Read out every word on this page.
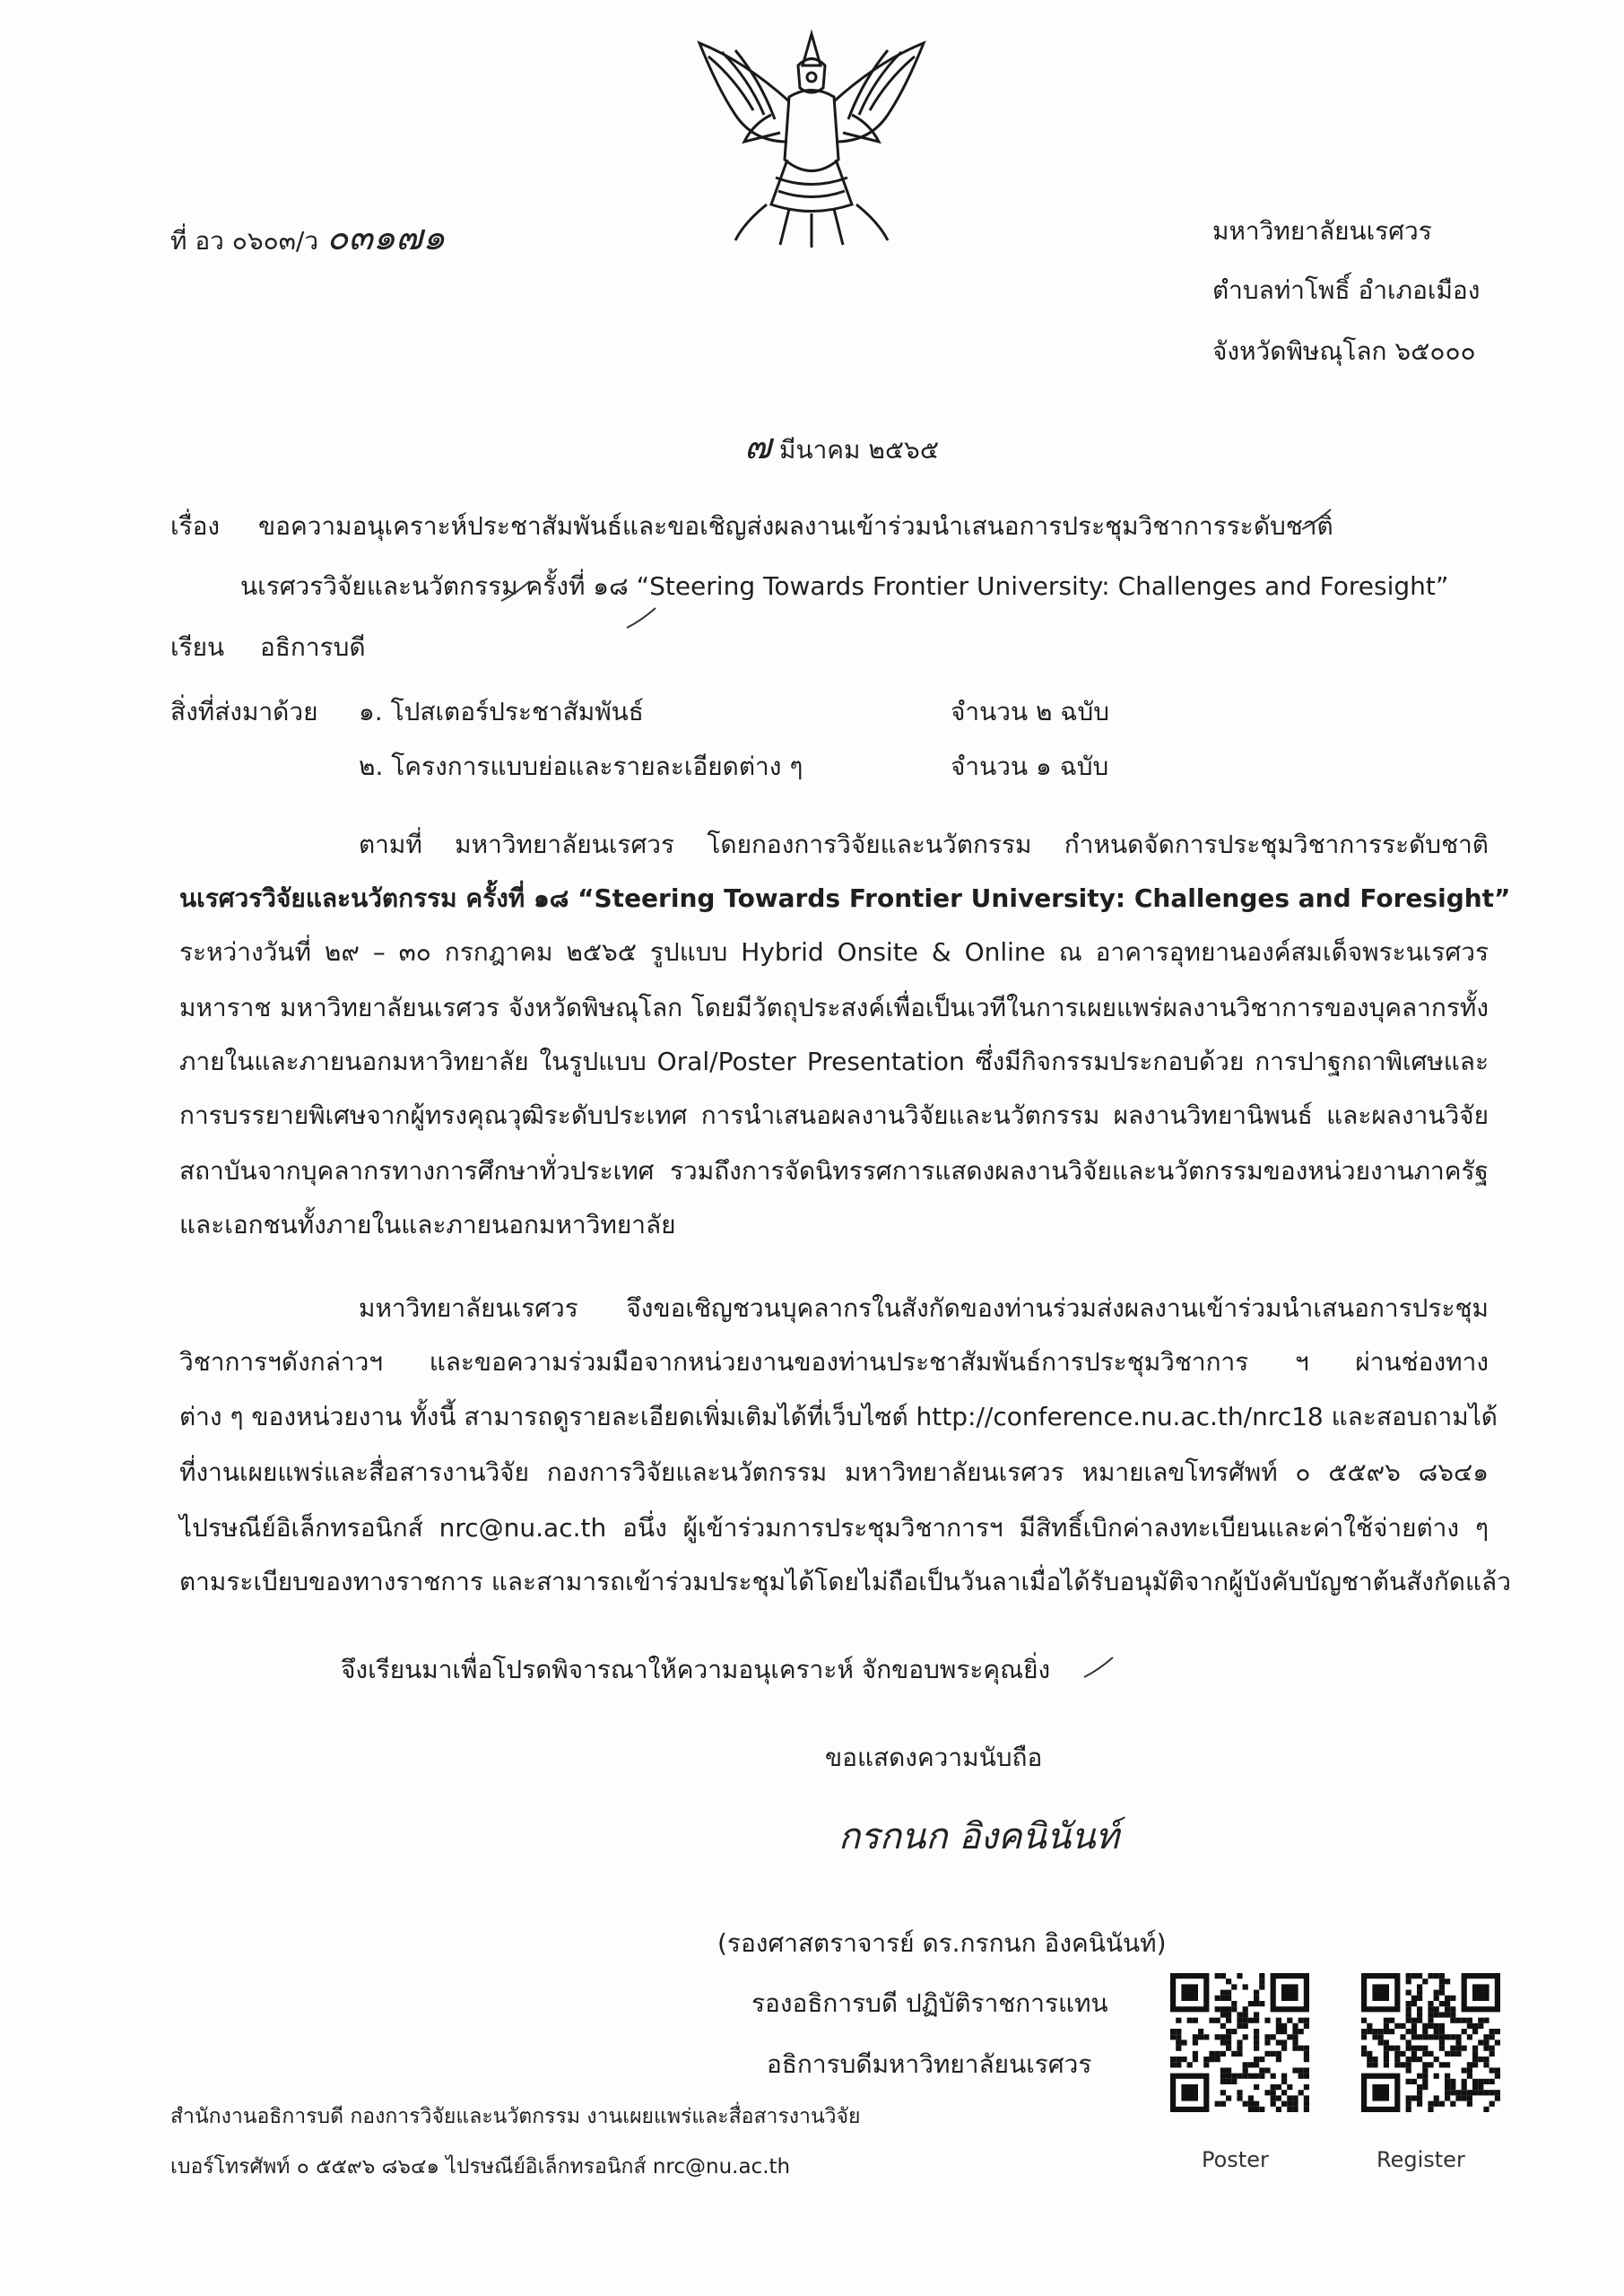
ที่ อว ๐๖๐๓/ว ๐๓๑๗๑	มหาวิทยาลัยนเรศวร
ตำบลท่าโพธิ์ อำเภอเมือง
จังหวัดพิษณุโลก ๖๕๐๐๐
๗ มีนาคม ๒๕๖๕
เรื่อง ขอความอนุเคราะห์ประชาสัมพันธ์และขอเชิญส่งผลงานเข้าร่วมนำเสนอการประชุมวิชาการระดับชาติ
นเรศวรวิจัยและนวัตกรรม ครั้งที่ ๑๘ “Steering Towards Frontier University: Challenges and Foresight”
เรียน อธิการบดี
สิ่งที่ส่งมาด้วย ๑. โปสเตอร์ประชาสัมพันธ์	จำนวน ๒ ฉบับ
๒. โครงการแบบย่อและรายละเอียดต่าง ๆ	จำนวน ๑ ฉบับ
ตามที่ มหาวิทยาลัยนเรศวร โดยกองการวิจัยและนวัตกรรม กำหนดจัดการประชุมวิชาการระดับชาติ
นเรศวรวิจัยและนวัตกรรม ครั้งที่ ๑๘ “Steering Towards Frontier University: Challenges and Foresight”
ระหว่างวันที่ ๒๙ – ๓๐ กรกฎาคม ๒๕๖๕ รูปแบบ Hybrid Onsite & Online ณ อาคารอุทยานองค์สมเด็จพระนเรศวร
มหาราช มหาวิทยาลัยนเรศวร จังหวัดพิษณุโลก โดยมีวัตถุประสงค์เพื่อเป็นเวทีในการเผยแพร่ผลงานวิชาการของบุคลากรทั้ง
ภายในและภายนอกมหาวิทยาลัย ในรูปแบบ Oral/Poster Presentation ซึ่งมีกิจกรรมประกอบด้วย การปาฐกถาพิเศษและ
การบรรยายพิเศษจากผู้ทรงคุณวุฒิระดับประเทศ การนำเสนอผลงานวิจัยและนวัตกรรม ผลงานวิทยานิพนธ์ และผลงานวิจัย
สถาบันจากบุคลากรทางการศึกษาทั่วประเทศ รวมถึงการจัดนิทรรศการแสดงผลงานวิจัยและนวัตกรรมของหน่วยงานภาครัฐ
และเอกชนทั้งภายในและภายนอกมหาวิทยาลัย
มหาวิทยาลัยนเรศวร จึงขอเชิญชวนบุคลากรในสังกัดของท่านร่วมส่งผลงานเข้าร่วมนำเสนอการประชุม
วิชาการฯดังกล่าวฯ และขอความร่วมมือจากหน่วยงานของท่านประชาสัมพันธ์การประชุมวิชาการ ฯ ผ่านช่องทาง
ต่าง ๆ ของหน่วยงาน ทั้งนี้ สามารถดูรายละเอียดเพิ่มเติมได้ที่เว็บไซต์ http://conference.nu.ac.th/nrc18 และสอบถามได้
ที่งานเผยแพร่และสื่อสารงานวิจัย กองการวิจัยและนวัตกรรม มหาวิทยาลัยนเรศวร หมายเลขโทรศัพท์ ๐ ๕๕๙๖ ๘๖๔๑
ไปรษณีย์อิเล็กทรอนิกส์ nrc@nu.ac.th อนึ่ง ผู้เข้าร่วมการประชุมวิชาการฯ มีสิทธิ์เบิกค่าลงทะเบียนและค่าใช้จ่ายต่าง ๆ
ตามระเบียบของทางราชการ และสามารถเข้าร่วมประชุมได้โดยไม่ถือเป็นวันลาเมื่อได้รับอนุมัติจากผู้บังคับบัญชาต้นสังกัดแล้ว
จึงเรียนมาเพื่อโปรดพิจารณาให้ความอนุเคราะห์ จักขอบพระคุณยิ่ง
ขอแสดงความนับถือ
กรกนก อิงคนินันท์
(รองศาสตราจารย์ ดร.กรกนก อิงคนินันท์)
รองอธิการบดี ปฏิบัติราชการแทน
อธิการบดีมหาวิทยาลัยนเรศวร
สำนักงานอธิการบดี กองการวิจัยและนวัตกรรม งานเผยแพร่และสื่อสารงานวิจัย
เบอร์โทรศัพท์ ๐ ๕๕๙๖ ๘๖๔๑ ไปรษณีย์อิเล็กทรอนิกส์ nrc@nu.ac.th	Poster	Register
